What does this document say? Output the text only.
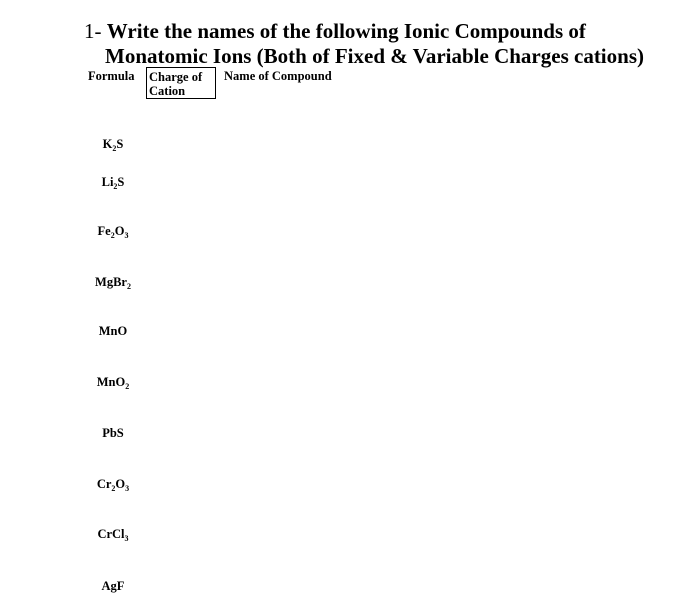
1- Write the names of the following Ionic Compounds of
Monatomic Ions (Both of Fixed & Variable Charges cations)
Formula Charge of Cation
Name of Compound
$K_2S$
$Li_2S$
$Fe_2O_3$
MgBr$_2$
MnO
MnO$_2$
PbS
$Cr_2O_3$
CrCl$_3$
AgF
